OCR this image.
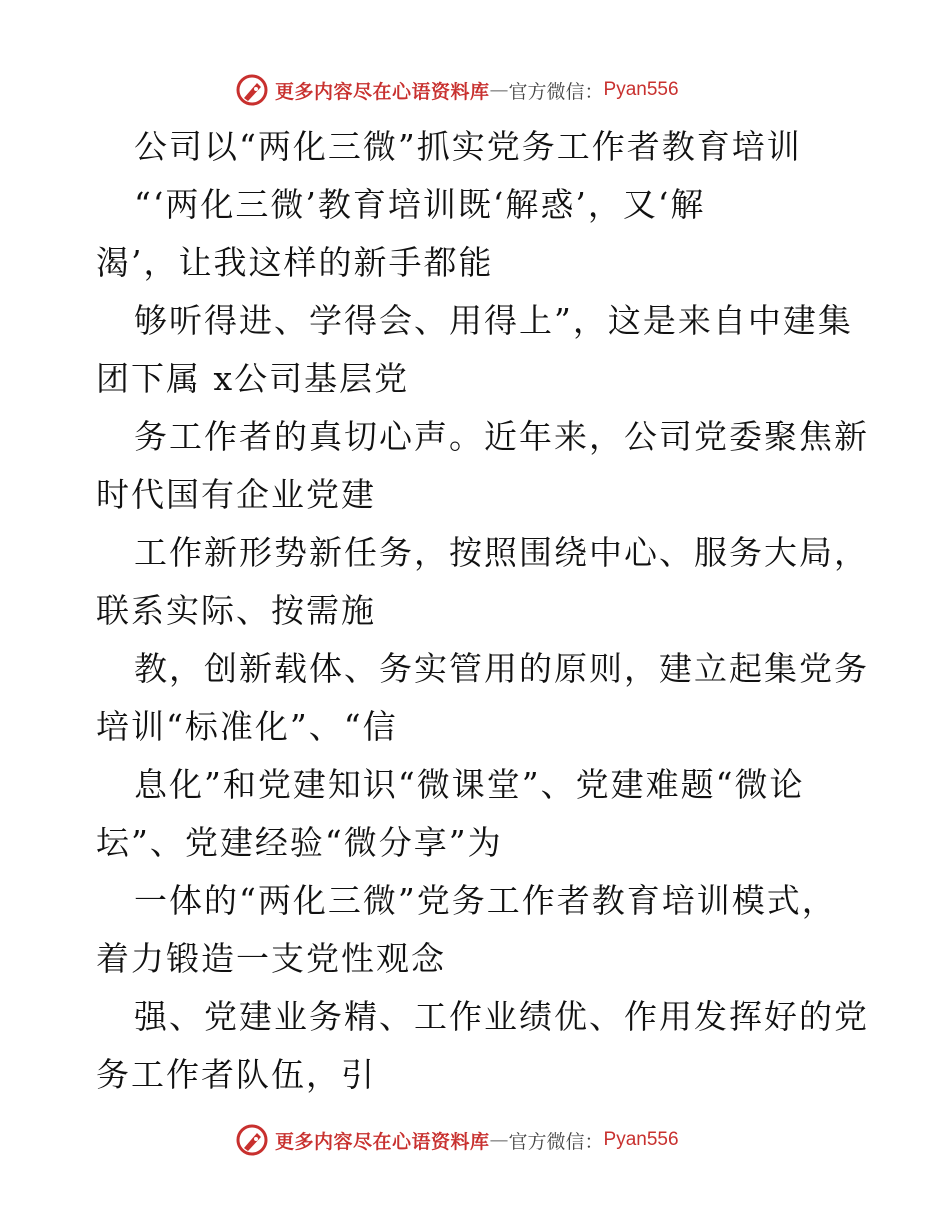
更多内容尽在心语资料库 — 官方微信： Pyan556
公司以“两化三微”抓实党务工作者教育培训
“‘两化三微’教育培训既‘解惑’，又‘解
渴’，让我这样的新手都能
够听得进、学得会、用得上”，这是来自中建集
团下属 x公司基层党
务工作者的真切心声。近年来，公司党委聚焦新
时代国有企业党建
工作新形势新任务，按照围绕中心、服务大局，
联系实际、按需施
教，创新载体、务实管用的原则，建立起集党务
培训“标准化”、“信
息化”和党建知识“微课堂”、党建难题“微论
坛”、党建经验“微分享”为
一体的“两化三微”党务工作者教育培训模式，
着力锻造一支党性观念
强、党建业务精、工作业绩优、作用发挥好的党
务工作者队伍，引
更多内容尽在心语资料库 — 官方微信： Pyan556
